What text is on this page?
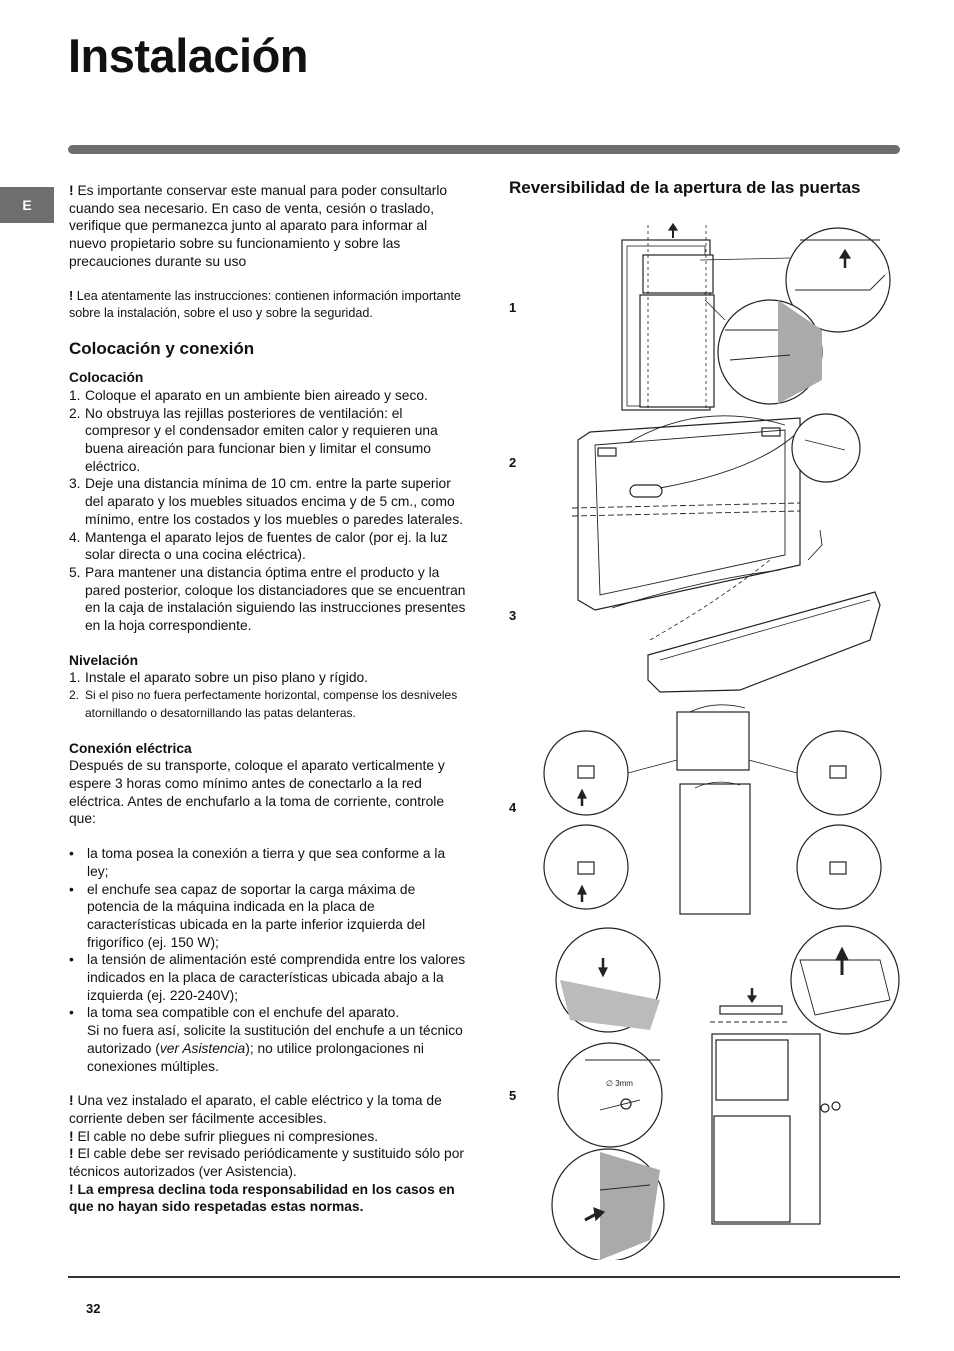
Instalación
E

! Es importante conservar este manual para poder consultarlo cuando sea necesario. En caso de venta, cesión o traslado, verifique que permanezca junto al aparato para informar al nuevo propietario sobre su funcionamiento y sobre las precauciones durante su uso

! Lea atentamente las instrucciones: contienen información importante sobre la instalación, sobre el uso y sobre la seguridad.

Colocación y conexión

Colocación

1. Coloque el aparato en un ambiente bien aireado y seco.
2. No obstruya las rejillas posteriores de ventilación: el compresor y el condensador emiten calor y requieren una buena aireación para funcionar bien y limitar el consumo eléctrico.
3. Deje una distancia mínima de 10 cm. entre la parte superior del aparato y los muebles situados encima y de 5 cm., como mínimo, entre los costados y los muebles o paredes laterales.
4. Mantenga el aparato lejos de fuentes de calor (por ej. la luz solar directa o una cocina eléctrica).
5. Para mantener una distancia óptima entre el producto y la pared posterior, coloque los distanciadores que se encuentran en la caja de instalación siguiendo las instrucciones presentes en la hoja correspondiente.

Nivelación

1. Instale el aparato sobre un piso plano y rígido.
2. Si el piso no fuera perfectamente horizontal, compense los desniveles atornillando o desatornillando las patas delanteras.

Conexión eléctrica

Después de su transporte, coloque el aparato verticalmente y espere 3 horas como mínimo antes de conectarlo a la red eléctrica. Antes de enchufarlo a la toma de corriente, controle que:

• la toma posea la conexión a tierra y que sea conforme a la ley;
• el enchufe sea capaz de soportar la carga máxima de potencia de la máquina indicada en la placa de características ubicada en la parte inferior izquierda del frigorífico (ej. 150 W);
• la tensión de alimentación esté comprendida entre los valores indicados en la placa de características ubicada abajo a la izquierda (ej. 220-240V);
• la toma sea compatible con el enchufe del aparato.
Si no fuera así, solicite la sustitución del enchufe a un técnico autorizado (ver Asistencia); no utilice prolongaciones ni conexiones múltiples.

! Una vez instalado el aparato, el cable eléctrico y la toma de corriente deben ser fácilmente accesibles.

! El cable no debe sufrir pliegues ni compresiones.

! El cable debe ser revisado periódicamente y sustituido sólo por técnicos autorizados (ver Asistencia).

! La empresa declina toda responsabilidad en los casos en que no hayan sido respetadas estas normas.

Reversibilidad de la apertura de las puertas
1
2
3
4
5
∅ 3mm
32
